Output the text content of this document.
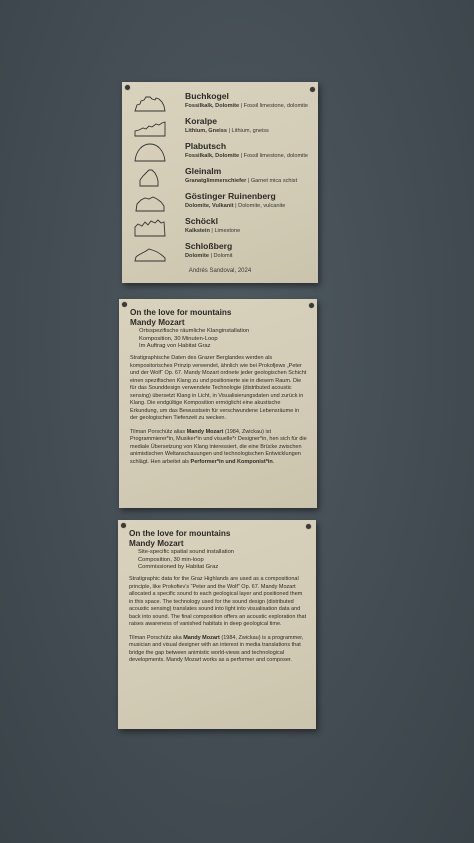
Buchkogel
Fossilkalk, Dolomite | Fossil limestone, dolomite
Koralpe
Lithium, Gneiss | Lithium, gneiss
Plabutsch
Fossilkalk, Dolomite | Fossil limestone, dolomite
Gleinalm
Granatglimmerschiefer | Garnet mica schist
Göstinger Ruinenberg
Dolomite, Vulkanit | Dolomite, vulcanite
Schöckl
Kalkstein | Limestone
Schloßberg
Dolomite | Dolomit
Andrés Sandoval, 2024
On the love for mountains
Mandy Mozart
Ortsspezifische räumliche Klanginstallation
Komposition, 30 Minuten-Loop
Im Auftrag von Habitat Graz
Stratigraphische Daten des Grazer Berglandes werden als kompositorisches Prinzip verwendet, ähnlich wie bei Prokofjews „Peter und der Wolf“ Op. 67. Mandy Mozart ordnete jeder geologischen Schicht einen spezifischen Klang zu und positionierte sie in diesem Raum. Die für das Sounddesign verwendete Technologie (distributed acoustic sensing) übersetzt Klang in Licht, in Visualisierungsdaten und zurück in Klang. Die endgültige Komposition ermöglicht eine akustische Erkundung, um das Bewusstsein für verschwundene Lebensräume in der geologischen Tiefenzeit zu wecken.
Tilman Porschütz alias Mandy Mozart (1984, Zwickau) ist Programmierer*in, Musiker*in und visuelle*r Designer*in, hen sich für die mediale Übersetzung von Klang interessiert, die eine Brücke zwischen animistischen Weltanschauungen und technologischen Entwicklungen schlägt. Hen arbeitet als Performer*in und Komponist*in.
On the love for mountains
Mandy Mozart
Site-specific spatial sound installation
Composition, 30 min-loop
Commissioned by Habitat Graz
Stratigraphic data for the Graz Highlands are used as a compositional principle, like Prokofiev’s “Peter and the Wolf” Op. 67. Mandy Mozart allocated a specific sound to each geological layer and positioned them in this space. The technology used for the sound design (distributed acoustic sensing) translates sound into light into visualisation data and back into sound. The final composition offers an acoustic exploration that raises awareness of vanished habitats in deep geological time.
Tilman Porschütz aka Mandy Mozart (1984, Zwickau) is a programmer, musician and visual designer with an interest in media translations that bridge the gap between animistic world-views and technological developments. Mandy Mozart works as a performer and composer.
